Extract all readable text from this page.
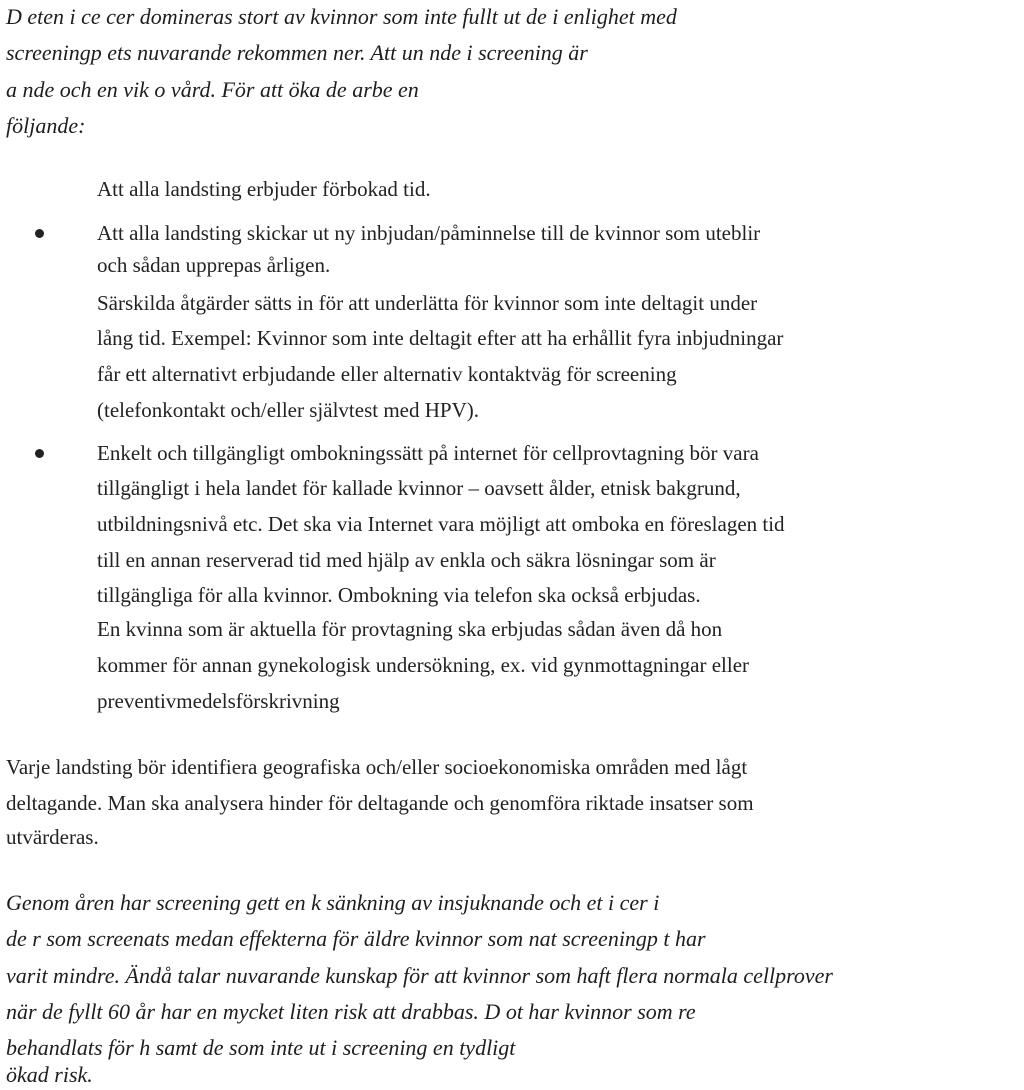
D eten i ce cer domineras stort av kvinnor som inte fullt ut de i enlighet med
screeningp ets nuvarande rekommen ner. Att un nde i screening är
a nde och en vik o vård. För att öka de arbe en
följande:
Att alla landsting erbjuder förbokad tid.
Att alla landsting skickar ut ny inbjudan/påminnelse till de kvinnor som uteblir
och sådan upprepas årligen.
Särskilda åtgärder sätts in för att underlätta för kvinnor som inte deltagit under
lång tid. Exempel: Kvinnor som inte deltagit efter att ha erhållit fyra inbjudningar
får ett alternativt erbjudande eller alternativ kontaktväg för screening
(telefonkontakt och/eller självtest med HPV).
Enkelt och tillgängligt ombokningssätt på internet för cellprovtagning bör vara
tillgängligt i hela landet för kallade kvinnor – oavsett ålder, etnisk bakgrund,
utbildningsnivå etc. Det ska via Internet vara möjligt att omboka en föreslagen tid
till en annan reserverad tid med hjälp av enkla och säkra lösningar som är
tillgängliga för alla kvinnor. Ombokning via telefon ska också erbjudas.
En kvinna som är aktuella för provtagning ska erbjudas sådan även då hon
kommer för annan gynekologisk undersökning, ex. vid gynmottagningar eller
preventivmedelsförskrivning
Varje landsting bör identifiera geografiska och/eller socioekonomiska områden med lågt
deltagande. Man ska analysera hinder för deltagande och genomföra riktade insatser som
utvärderas.
Genom åren har screening gett en k sänkning av insjuknande och et i cer i
de r som screenats medan effekterna för äldre kvinnor som nat screeningp t har
varit mindre. Ändå talar nuvarande kunskap för att kvinnor som haft flera normala cellprover
när de fyllt 60 år har en mycket liten risk att drabbas. D ot har kvinnor som re
behandlats för h samt de som inte ut i screening en tydligt
ökad risk.
